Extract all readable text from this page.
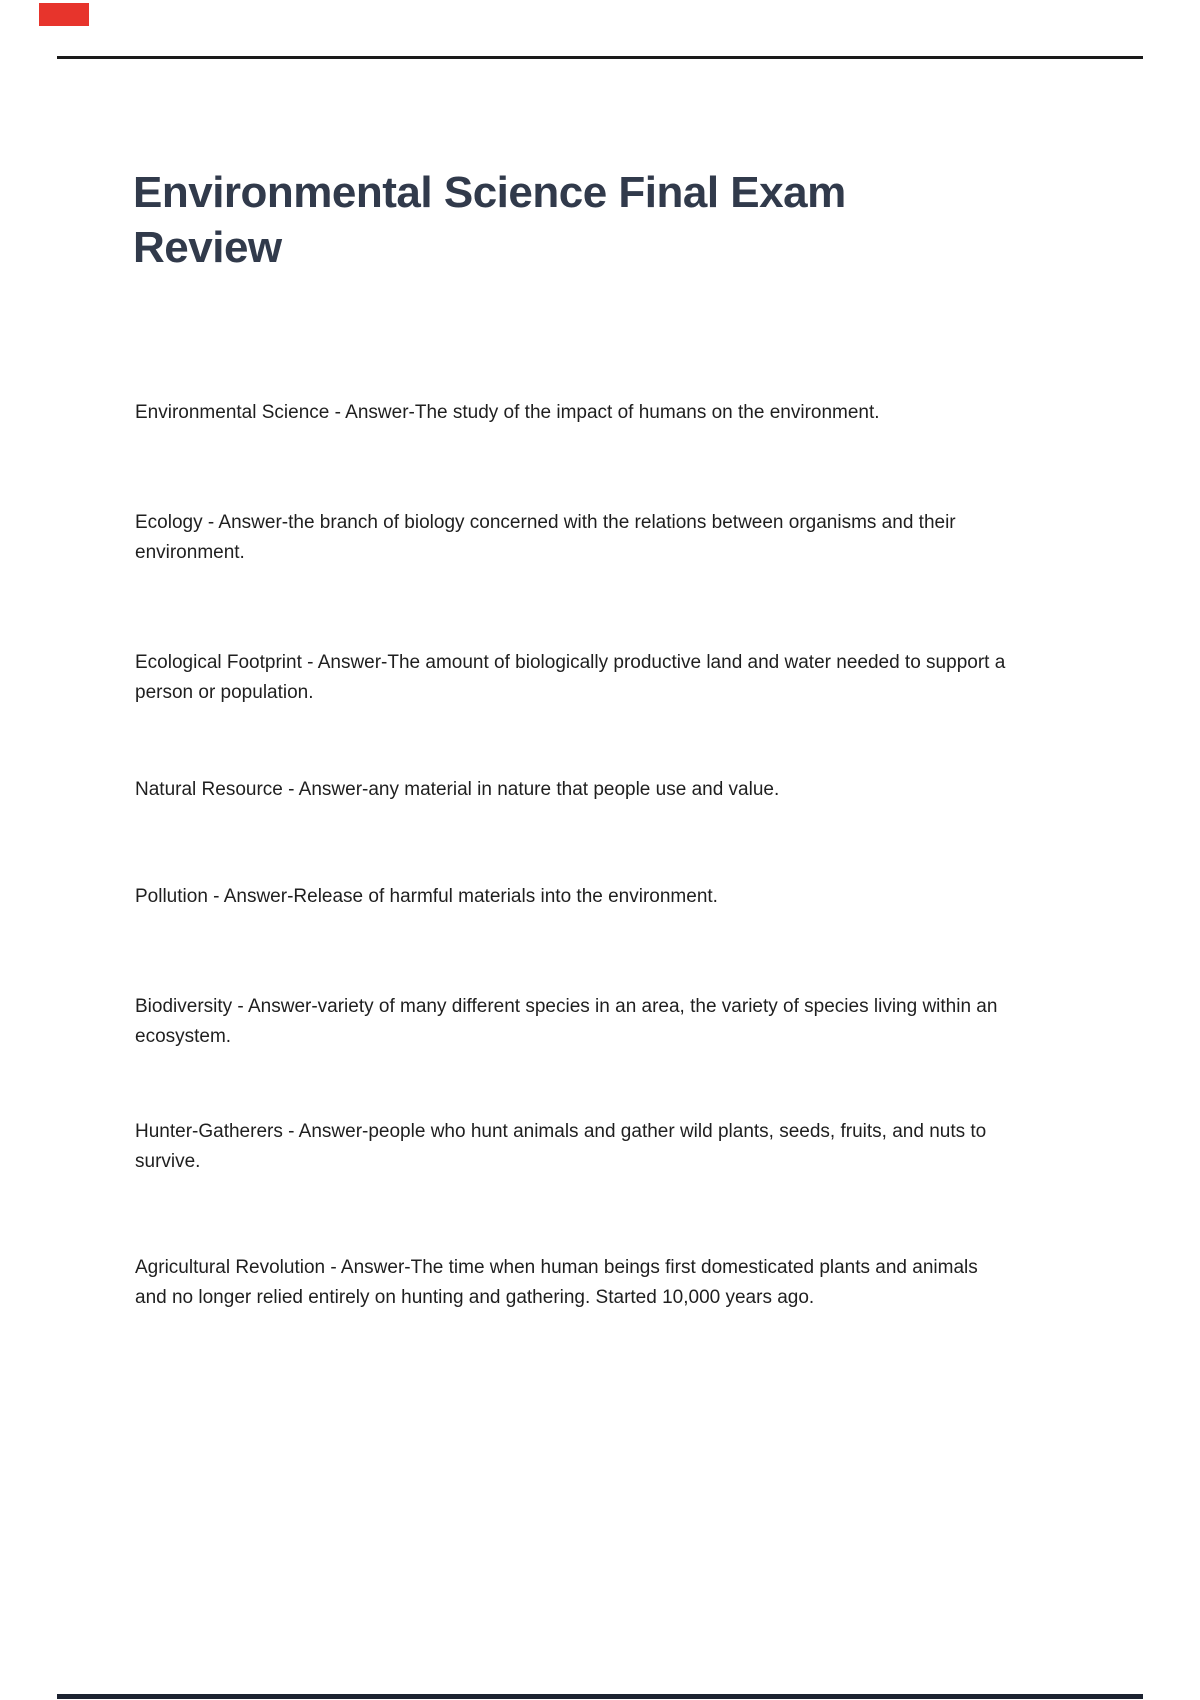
Environmental Science Final Exam
Review
Environmental Science - Answer-The study of the impact of humans on the environment.
Ecology - Answer-the branch of biology concerned with the relations between organisms and their
environment.
Ecological Footprint - Answer-The amount of biologically productive land and water needed to support a
person or population.
Natural Resource - Answer-any material in nature that people use and value.
Pollution - Answer-Release of harmful materials into the environment.
Biodiversity - Answer-variety of many different species in an area, the variety of species living within an
ecosystem.
Hunter-Gatherers - Answer-people who hunt animals and gather wild plants, seeds, fruits, and nuts to
survive.
Agricultural Revolution - Answer-The time when human beings first domesticated plants and animals
and no longer relied entirely on hunting and gathering. Started 10,000 years ago.
